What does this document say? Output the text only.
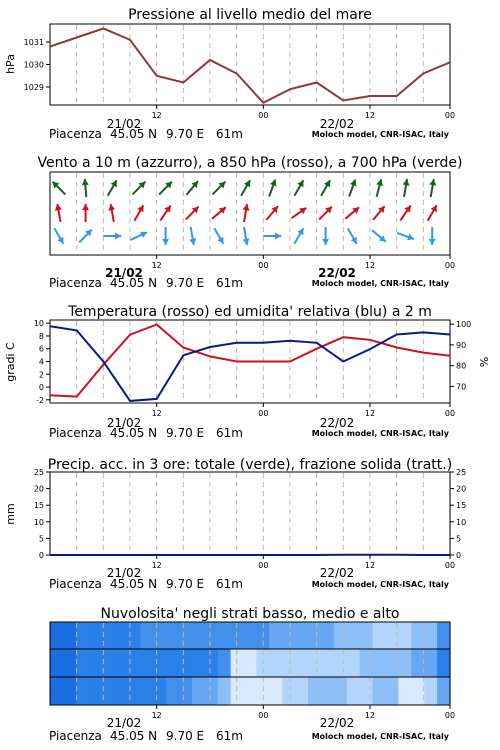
Pressione al livello medio del mare
1029
1030
1031
hPa
12	00	12	00
21/02	22/02
Piacenza 45.05 N 9.70 E 61m	Moloch model, CNR-ISAC, Italy
Vento a 10 m (azzurro), a 850 hPa (rosso), a 700 hPa (verde)
12	00	12	00
21/02	22/02
Piacenza 45.05 N 9.70 E 61m	Moloch model, CNR-ISAC, Italy
Temperatura (rosso) ed umidita' relativa (blu) a 2 m
-2
0
2
4
6
8
10
70
80
90
100
gradi C	%
12	00	12	00
21/02	22/02
Piacenza 45.05 N 9.70 E 61m	Moloch model, CNR-ISAC, Italy
Precip. acc. in 3 ore: totale (verde), frazione solida (tratt.)
0
5
10
15
20
25
0
5
10
15
20
25
mm
12	00	12	00
21/02	22/02
Piacenza 45.05 N 9.70 E 61m	Moloch model, CNR-ISAC, Italy
Nuvolosita' negli strati basso, medio e alto
12	00	12	00
21/02	22/02
Piacenza 45.05 N 9.70 E 61m	Moloch model, CNR-ISAC, Italy
